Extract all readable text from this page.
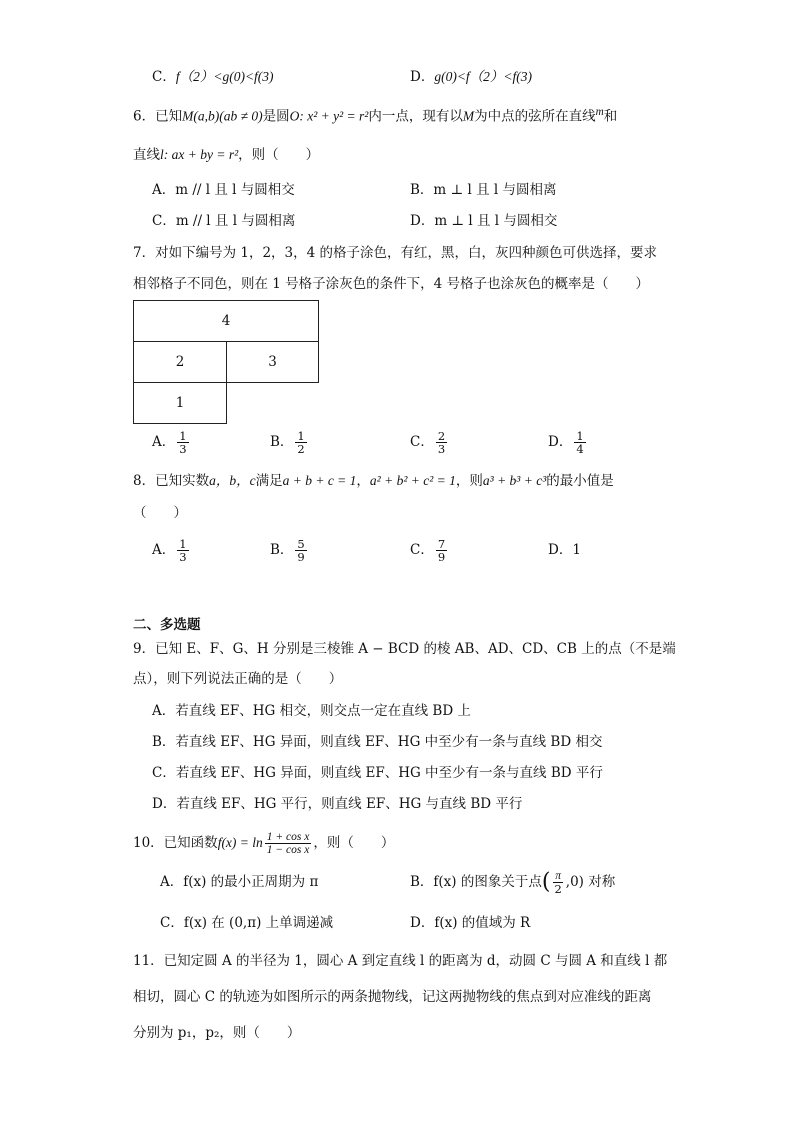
C．f（2）<g(0)<f(3)	D．g(0)<f（2）<f(3)
6．已知M(a,b)(ab ≠ 0)是圆O: x² + y² = r²内一点，现有以M为中点的弦所在直线$^m$和
直线l: ax + by = r²，则（　　）
A．m // l 且 l 与圆相交	B．m ⊥ l 且 l 与圆相离
C．m // l 且 l 与圆相离	D．m ⊥ l 且 l 与圆相交
7．对如下编号为 1，2，3，4 的格子涂色，有红，黑，白，灰四种颜色可供选择，要求
相邻格子不同色，则在 1 号格子涂灰色的条件下，4 号格子也涂灰色的概率是（　　）
4
2	3
1
A． $\frac{1}{3}$	B． $\frac{1}{2}$	C． $\frac{2}{3}$	D． $\frac{1}{4}$
8．已知实数a，b，c满足a + b + c = 1，a² + b² + c² = 1，则a³ + b³ + c³的最小值是
（　　）
A． $\frac{1}{3}$	B． $\frac{5}{9}$	C． $\frac{7}{9}$	D．1
二、多选题
9．已知 E、F、G、H 分别是三棱锥 A − BCD 的棱 AB、AD、CD、CB 上的点（不是端
点），则下列说法正确的是（　　）
A．若直线 EF、HG 相交，则交点一定在直线 BD 上
B．若直线 EF、HG 异面，则直线 EF、HG 中至少有一条与直线 BD 相交
C．若直线 EF、HG 异面，则直线 EF、HG 中至少有一条与直线 BD 平行
D．若直线 EF、HG 平行，则直线 EF、HG 与直线 BD 平行
10．已知函数$f(x) = \ln \frac{\text{1 + cos x}}{\text{1 − cos x}}$ ，则（　　）
A．f(x) 的最小正周期为 π	B．f(x) 的图象关于点( $\frac{\pi}{2} ,0$) 对称
C．f(x) 在 (0,π) 上单调递减	D．f(x) 的值域为 R
11．已知定圆 A 的半径为 1，圆心 A 到定直线 l 的距离为 d，动圆 C 与圆 A 和直线 l 都
相切，圆心 C 的轨迹为如图所示的两条抛物线，记这两抛物线的焦点到对应准线的距离
分别为 p₁，p₂，则（　　）
